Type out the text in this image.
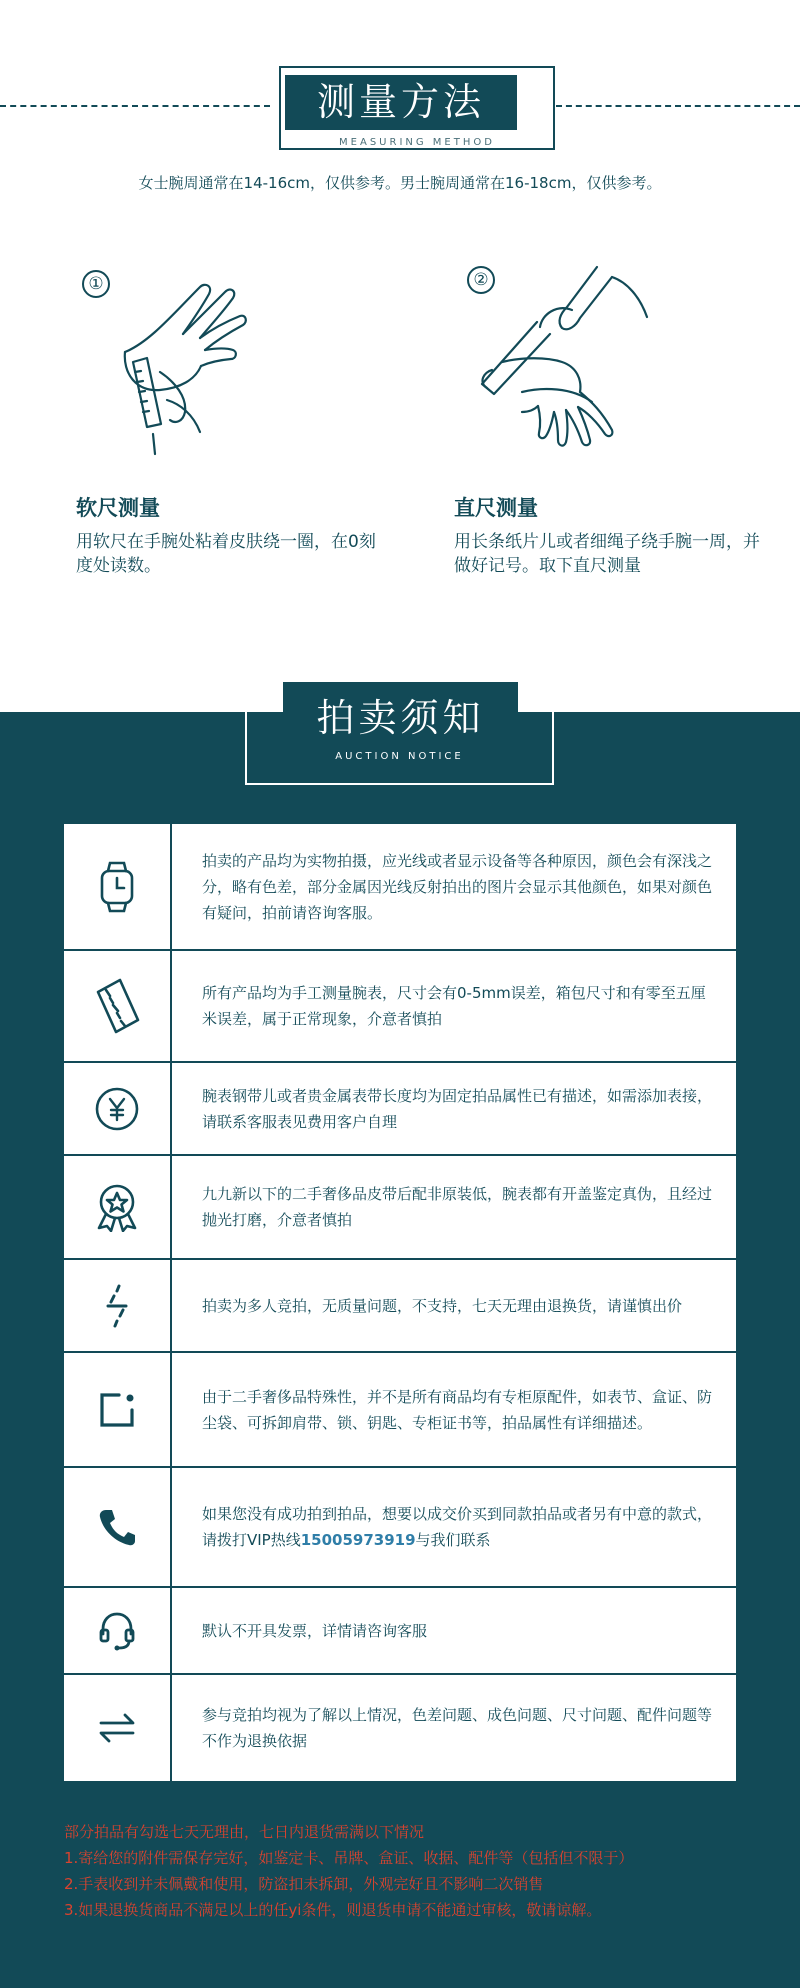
测量方法
MEASURING METHOD
女士腕周通常在14-16cm，仅供参考。男士腕周通常在16-18cm，仅供参考。
①
软尺测量
用软尺在手腕处粘着皮肤绕一圈，在0刻度处读数。
②
直尺测量
用长条纸片儿或者细绳子绕手腕一周，并做好记号。取下直尺测量
拍卖须知
AUCTION NOTICE
拍卖的产品均为实物拍摄，应光线或者显示设备等各种原因，颜色会有深浅之分，略有色差，部分金属因光线反射拍出的图片会显示其他颜色，如果对颜色有疑问，拍前请咨询客服。
所有产品均为手工测量腕表，尺寸会有0-5mm误差，箱包尺寸和有零至五厘米误差，属于正常现象，介意者慎拍
腕表钢带儿或者贵金属表带长度均为固定拍品属性已有描述，如需添加表接，请联系客服表见费用客户自理
九九新以下的二手奢侈品皮带后配非原装低，腕表都有开盖鉴定真伪，且经过抛光打磨，介意者慎拍
拍卖为多人竞拍，无质量问题，不支持，七天无理由退换货，请谨慎出价
由于二手奢侈品特殊性，并不是所有商品均有专柜原配件，如表节、盒证、防尘袋、可拆卸肩带、锁、钥匙、专柜证书等，拍品属性有详细描述。
如果您没有成功拍到拍品，想要以成交价买到同款拍品或者另有中意的款式，请拨打VIP热线15005973919与我们联系
默认不开具发票，详情请咨询客服
参与竞拍均视为了解以上情况，色差问题、成色问题、尺寸问题、配件问题等不作为退换依据
部分拍品有勾选七天无理由，七日内退货需满以下情况
1.寄给您的附件需保存完好，如鉴定卡、吊牌、盒证、收据、配件等（包括但不限于）
2.手表收到并未佩戴和使用，防盗扣未拆卸，外观完好且不影响二次销售
3.如果退换货商品不满足以上的任yi条件，则退货申请不能通过审核，敬请谅解。
